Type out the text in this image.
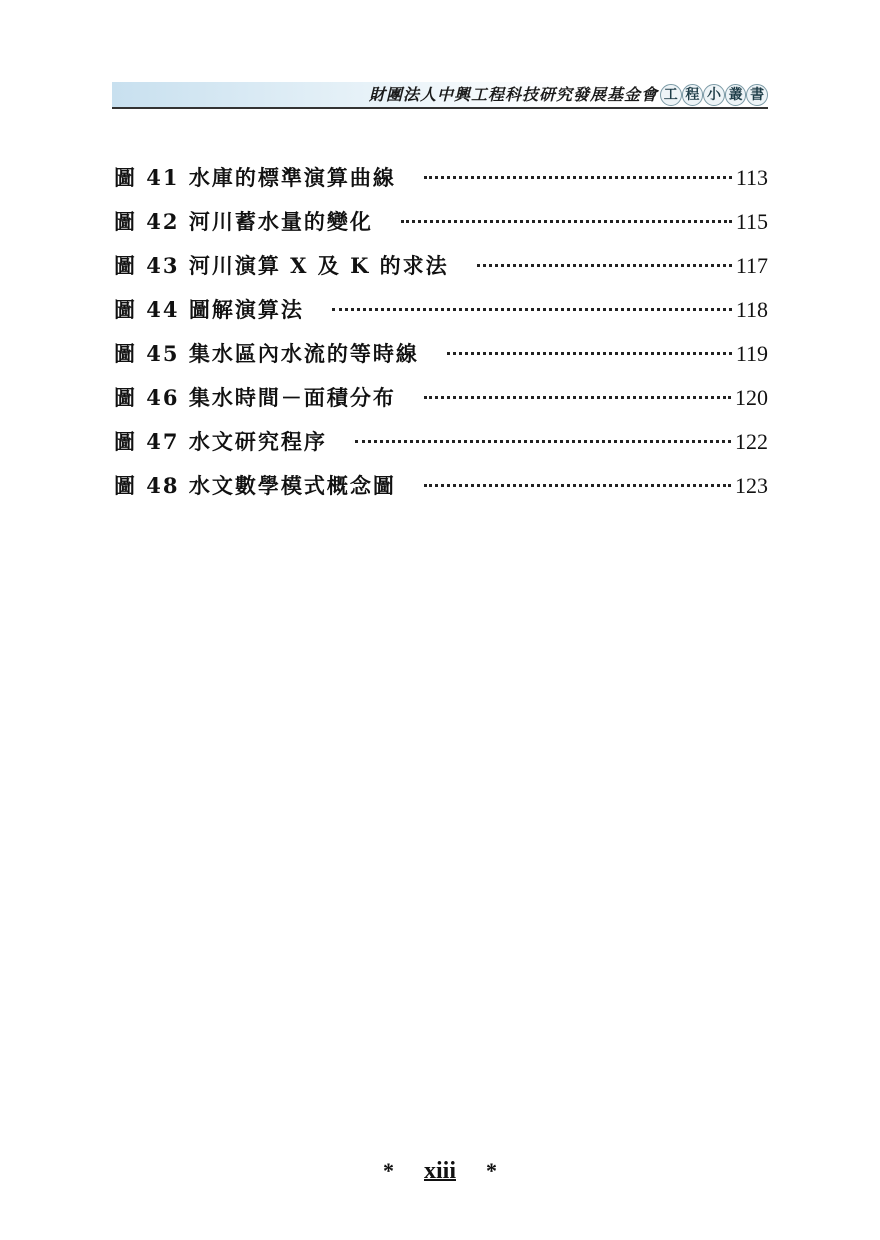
財團法人中興工程科技研究發展基金會 工 程 小 叢 書
圖 41 水庫的標準演算曲線	113
圖 42 河川蓄水量的變化	115
圖 43 河川演算 X 及 K 的求法	117
圖 44 圖解演算法	118
圖 45 集水區內水流的等時線	119
圖 46 集水時間－面積分布	120
圖 47 水文研究程序	122
圖 48 水文數學模式概念圖	123
* xiii *
